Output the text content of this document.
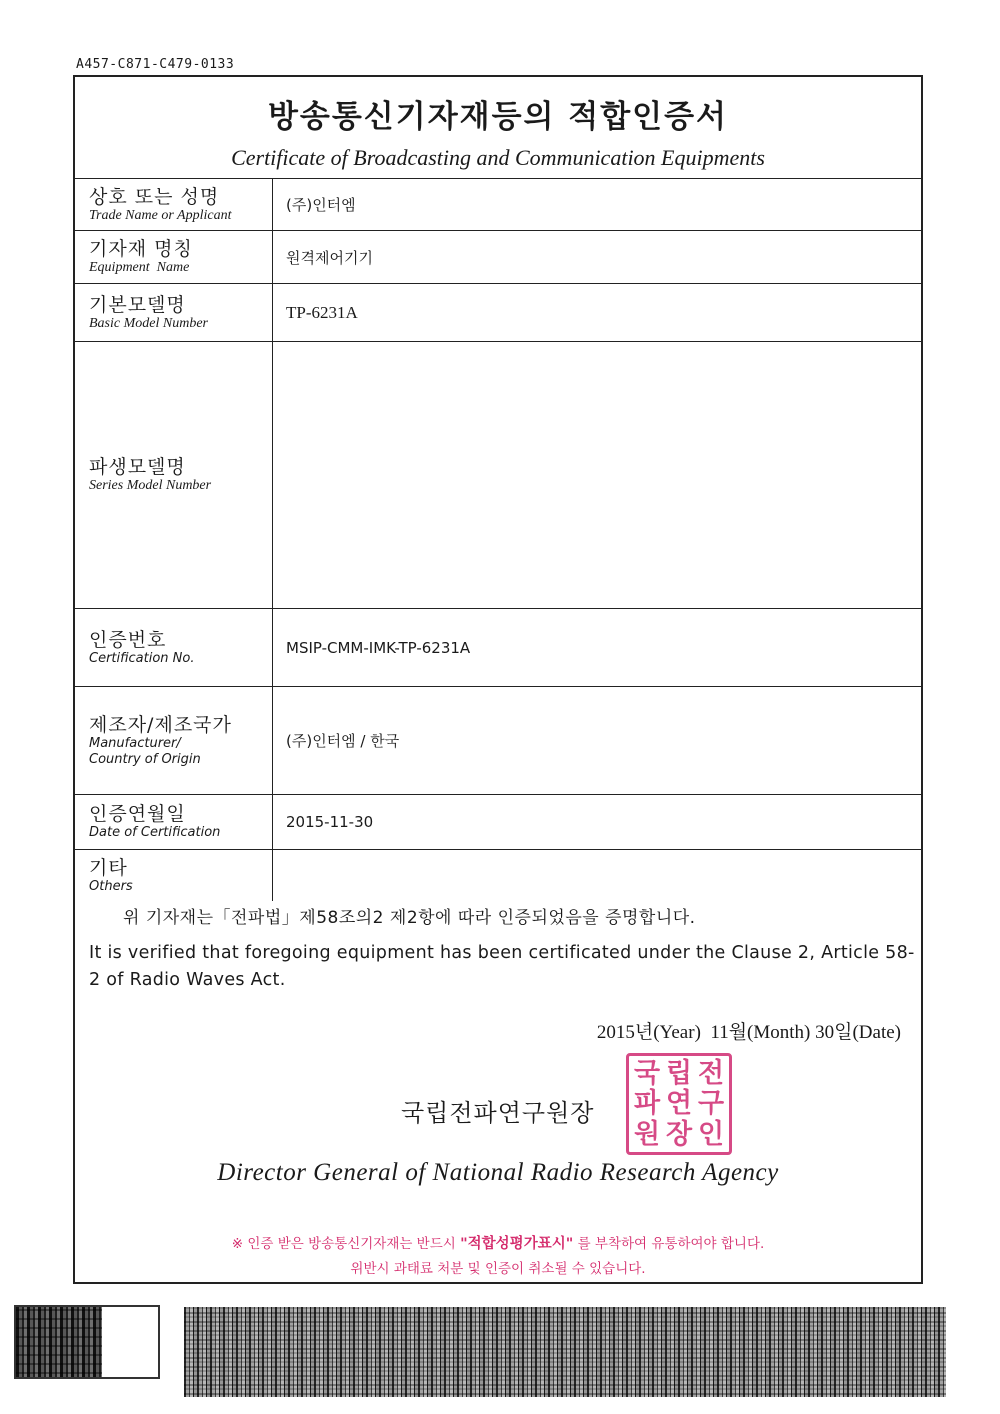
A457-C871-C479-0133
방송통신기자재등의 적합인증서
Certificate of Broadcasting and Communication Equipments
상호 또는 성명
Trade Name or Applicant
(주)인터엠
기자재 명칭
Equipment  Name
원격제어기기
기본모델명
Basic Model Number
TP-6231A
파생모델명
Series Model Number
인증번호
Certification No.
MSIP-CMM-IMK-TP-6231A
제조자/제조국가
Manufacturer/
Country of Origin
(주)인터엠 / 한국
인증연월일
Date of Certification
2015-11-30
기타
Others
위 기자재는「전파법」제58조의2 제2항에 따라 인증되었음을 증명합니다.
It is verified that foregoing equipment has been certificated under the Clause 2, Article 58-2 of Radio Waves Act.
2015년(Year)  11월(Month) 30일(Date)
국립전파연구원장
국 립 전
파 연 구
원 장 인
Director General of National Radio Research Agency
※ 인증 받은 방송통신기자재는 반드시 "적합성평가표시" 를 부착하여 유통하여야 합니다.
위반시 과태료 처분 및 인증이 취소될 수 있습니다.
